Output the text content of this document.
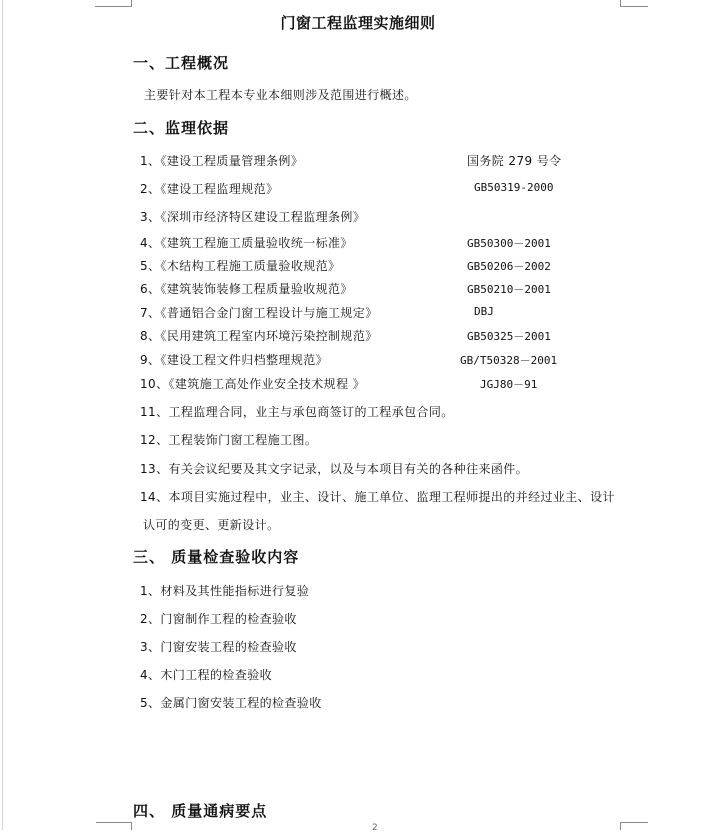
门窗工程监理实施细则
一、工程概况
主要针对本工程本专业本细则涉及范围进行概述。
二、监理依据
1、《建设工程质量管理条例》	国务院 279 号令
2、《建设工程监理规范》	GB50319-2000
3、《深圳市经济特区建设工程监理条例》
4、《建筑工程施工质量验收统一标准》	GB50300－2001
5、《木结构工程施工质量验收规范》	GB50206－2002
6、《建筑装饰装修工程质量验收规范》	GB50210－2001
7、《普通铝合金门窗工程设计与施工规定》	DBJ
8、《民用建筑工程室内环境污染控制规范》	GB50325－2001
9、《建设工程文件归档整理规范》	GB/T50328－2001
10、《建筑施工高处作业安全技术规程 》	JGJ80－91
11、工程监理合同，业主与承包商签订的工程承包合同。
12、工程装饰门窗工程施工图。
13、有关会议纪要及其文字记录，以及与本项目有关的各种往来函件。
14、本项目实施过程中，业主、设计、施工单位、监理工程师提出的并经过业主、设计
认可的变更、更新设计。
三、 质量检查验收内容
1、材料及其性能指标进行复验
2、门窗制作工程的检查验收
3、门窗安装工程的检查验收
4、木门工程的检查验收
5、金属门窗安装工程的检查验收
四、 质量通病要点
2
